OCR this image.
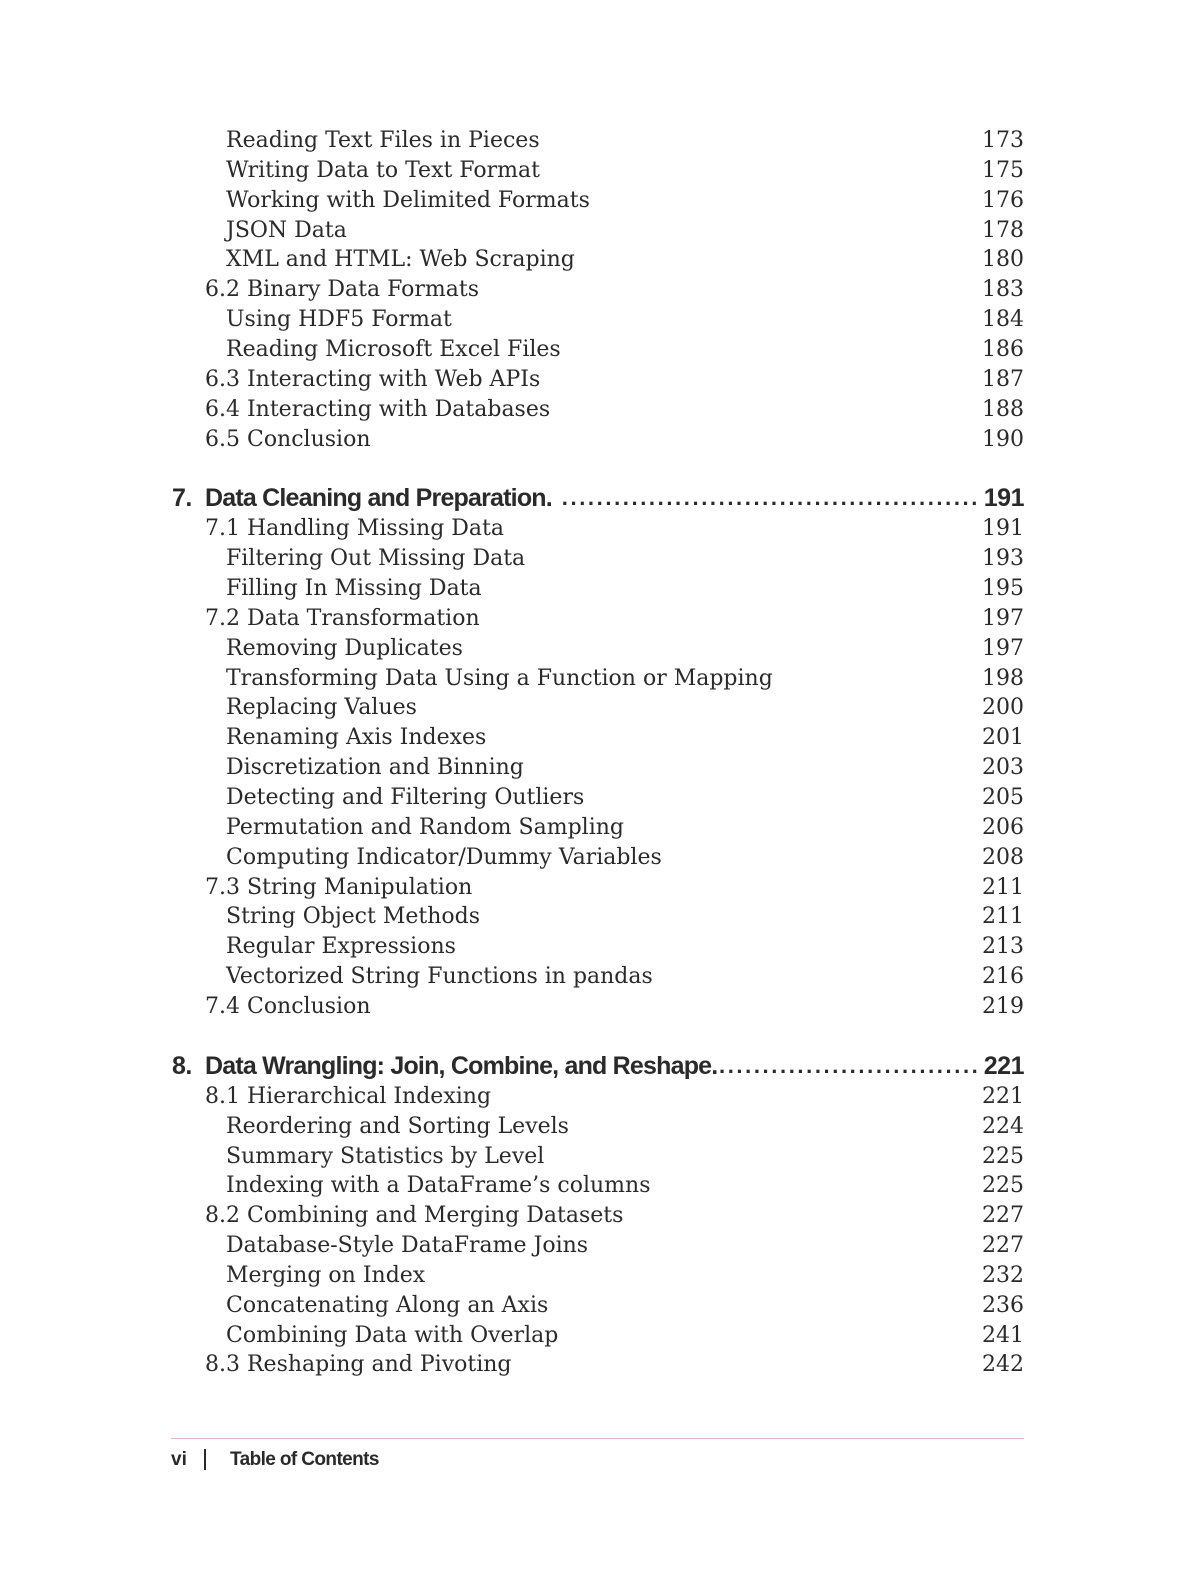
Reading Text Files in Pieces	173
Writing Data to Text Format	175
Working with Delimited Formats	176
JSON Data	178
XML and HTML: Web Scraping	180
6.2 Binary Data Formats	183
Using HDF5 Format	184
Reading Microsoft Excel Files	186
6.3 Interacting with Web APIs	187
6.4 Interacting with Databases	188
6.5 Conclusion	190
7. Data Cleaning and Preparation. ................................................ 191
7.1 Handling Missing Data	191
Filtering Out Missing Data	193
Filling In Missing Data	195
7.2 Data Transformation	197
Removing Duplicates	197
Transforming Data Using a Function or Mapping	198
Replacing Values	200
Renaming Axis Indexes	201
Discretization and Binning	203
Detecting and Filtering Outliers	205
Permutation and Random Sampling	206
Computing Indicator/Dummy Variables	208
7.3 String Manipulation	211
String Object Methods	211
Regular Expressions	213
Vectorized String Functions in pandas	216
7.4 Conclusion	219
8. Data Wrangling: Join, Combine, and Reshape. .............................. 221
8.1 Hierarchical Indexing	221
Reordering and Sorting Levels	224
Summary Statistics by Level	225
Indexing with a DataFrame’s columns	225
8.2 Combining and Merging Datasets	227
Database-Style DataFrame Joins	227
Merging on Index	232
Concatenating Along an Axis	236
Combining Data with Overlap	241
8.3 Reshaping and Pivoting	242
vi Table of Contents
